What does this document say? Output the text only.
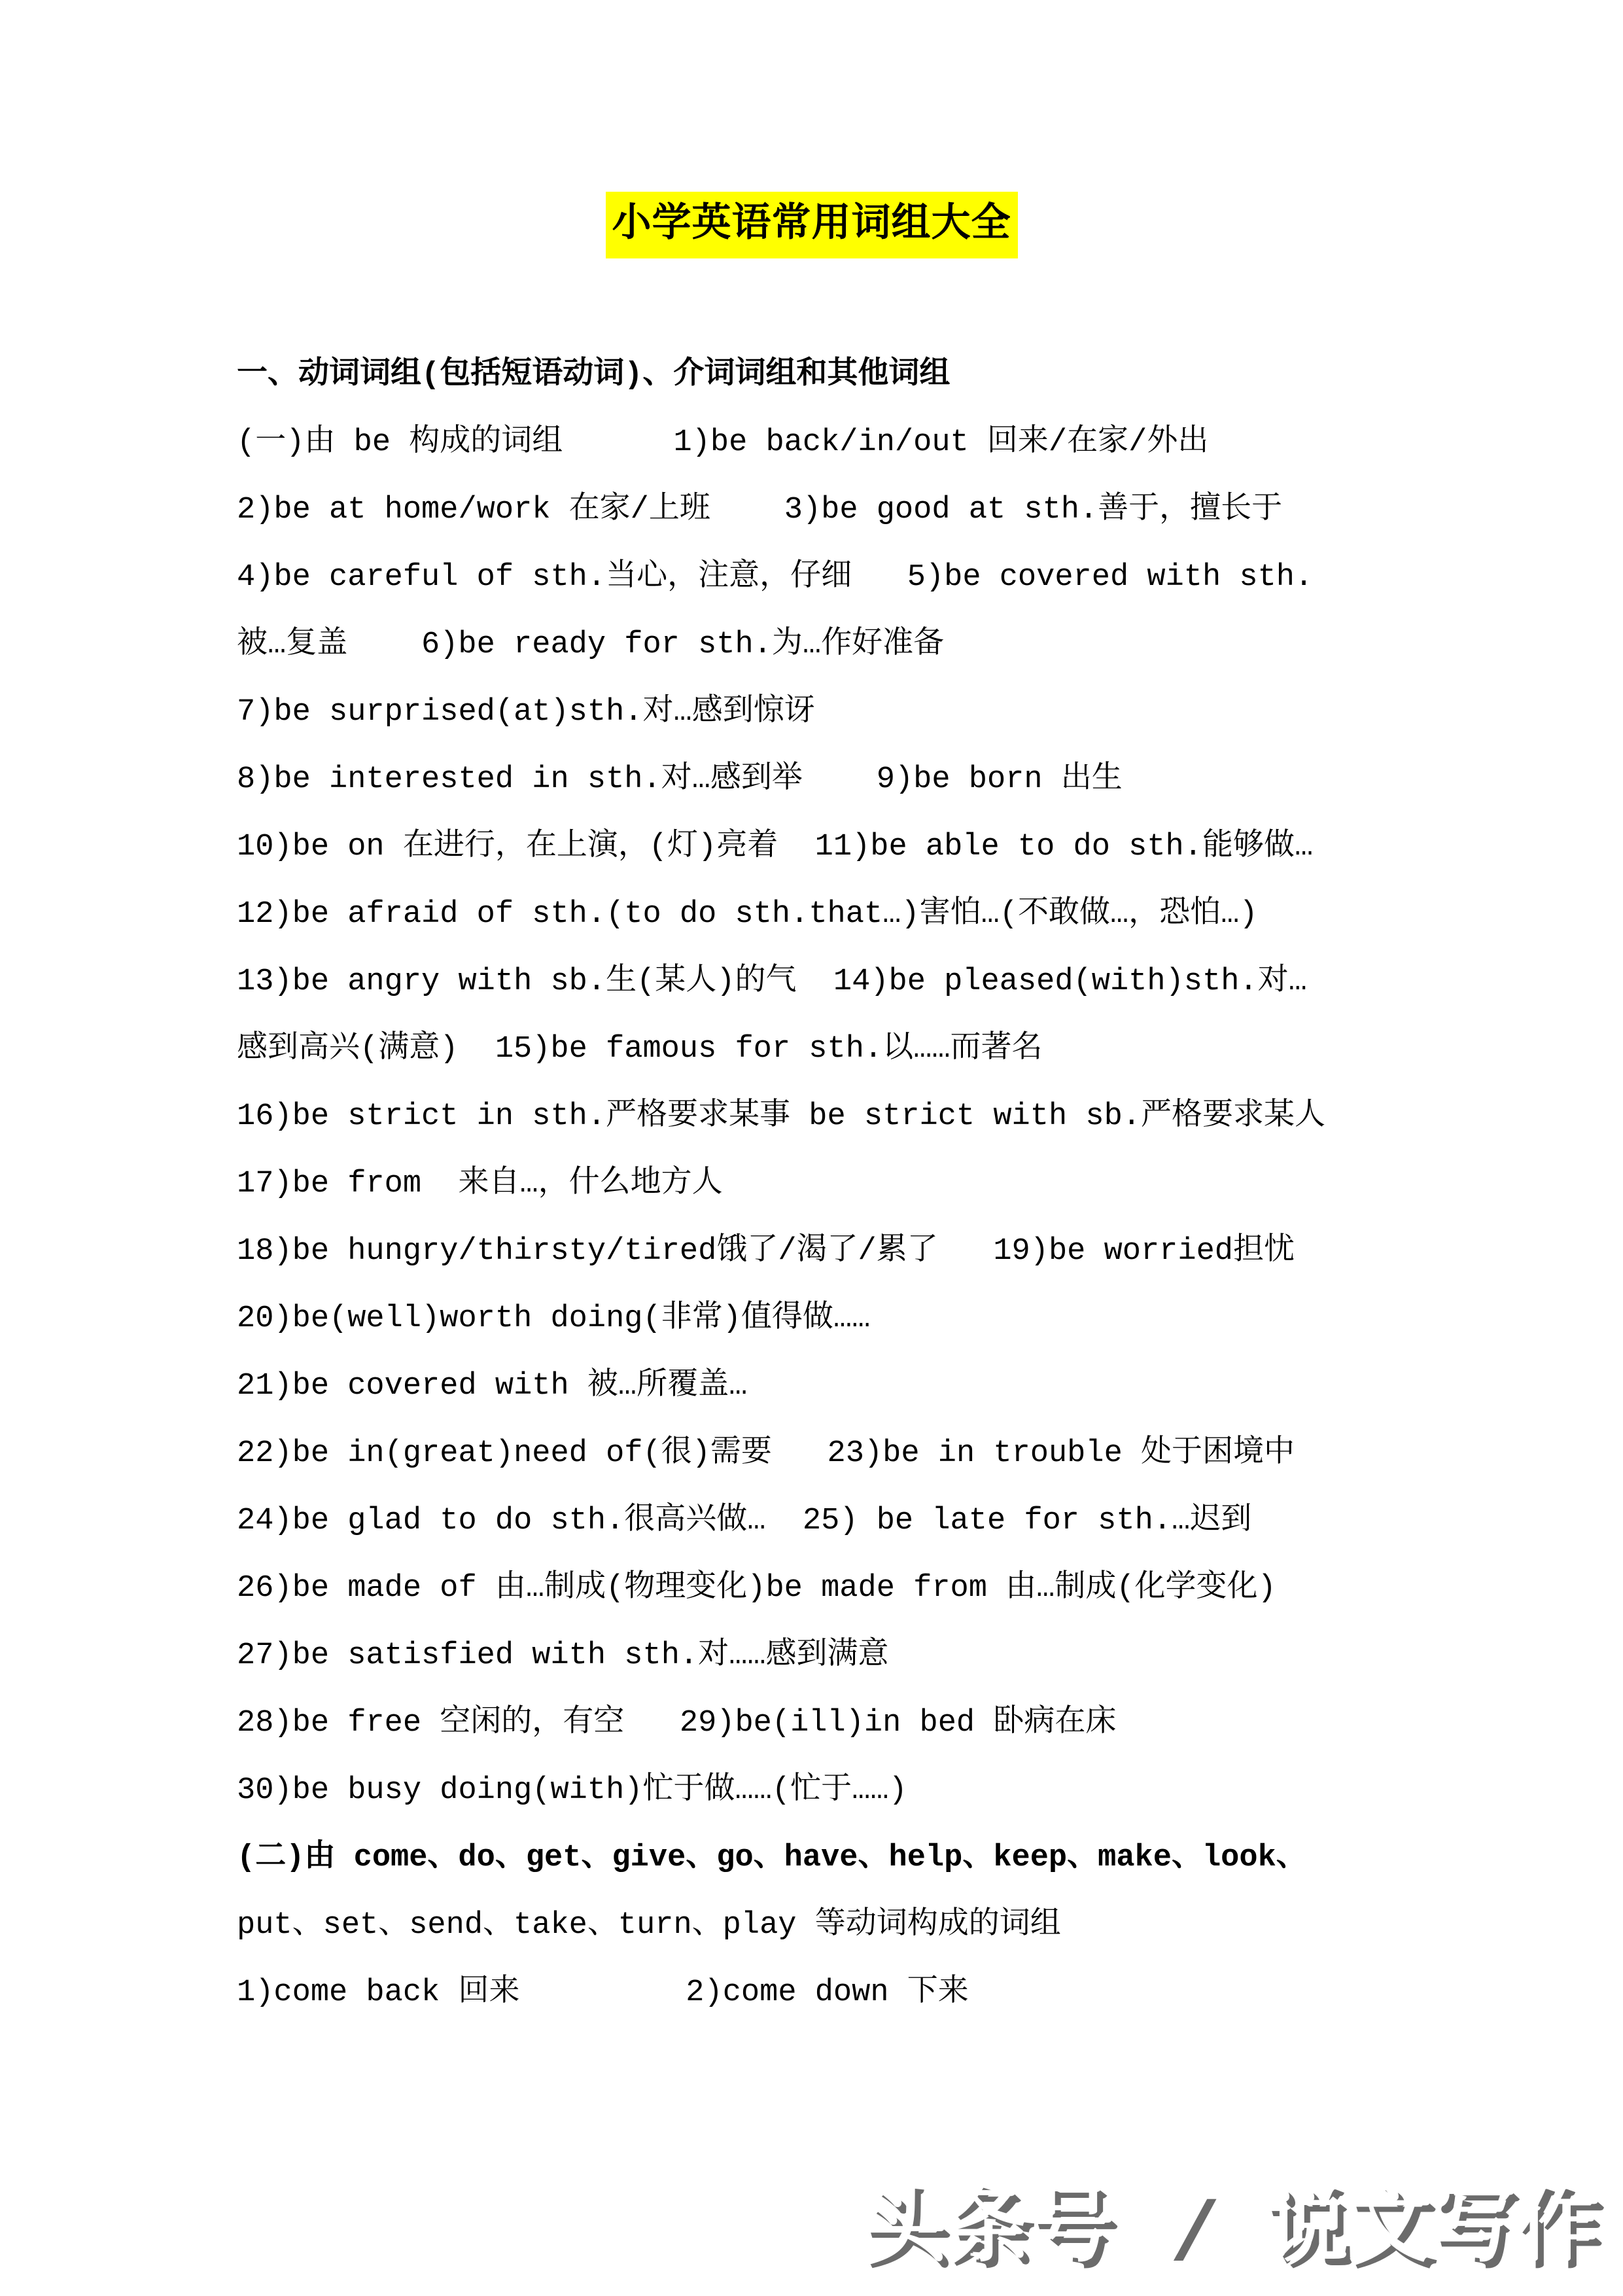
小学英语常用词组大全
一、动词词组(包括短语动词)、介词词组和其他词组
(一)由 be 构成的词组      1)be back/in/out 回来/在家/外出
2)be at home/work 在家/上班    3)be good at sth.善于，擅长于
4)be careful of sth.当心，注意，仔细   5)be covered with sth.
被…复盖    6)be ready for sth.为…作好准备
7)be surprised(at)sth.对…感到惊讶
8)be interested in sth.对…感到举    9)be born 出生
10)be on 在进行，在上演，(灯)亮着  11)be able to do sth.能够做…
12)be afraid of sth.(to do sth.that…)害怕…(不敢做…，恐怕…)
13)be angry with sb.生(某人)的气  14)be pleased(with)sth.对…
感到高兴(满意)  15)be famous for sth.以……而著名
16)be strict in sth.严格要求某事 be strict with sb.严格要求某人
17)be from  来自…，什么地方人
18)be hungry/thirsty/tired饿了/渴了/累了   19)be worried担忧
20)be(well)worth doing(非常)值得做……
21)be covered with 被…所覆盖…
22)be in(great)need of(很)需要   23)be in trouble 处于困境中
24)be glad to do sth.很高兴做…  25) be late for sth.…迟到
26)be made of 由…制成(物理变化)be made from 由…制成(化学变化)
27)be satisfied with sth.对……感到满意
28)be free 空闲的，有空   29)be(ill)in bed 卧病在床
30)be busy doing(with)忙于做……(忙于……)
(二)由 come、do、get、give、go、have、help、keep、make、look、
put、set、send、take、turn、play 等动词构成的词组
1)come back 回来         2)come down 下来
头条号 / 说文写作
